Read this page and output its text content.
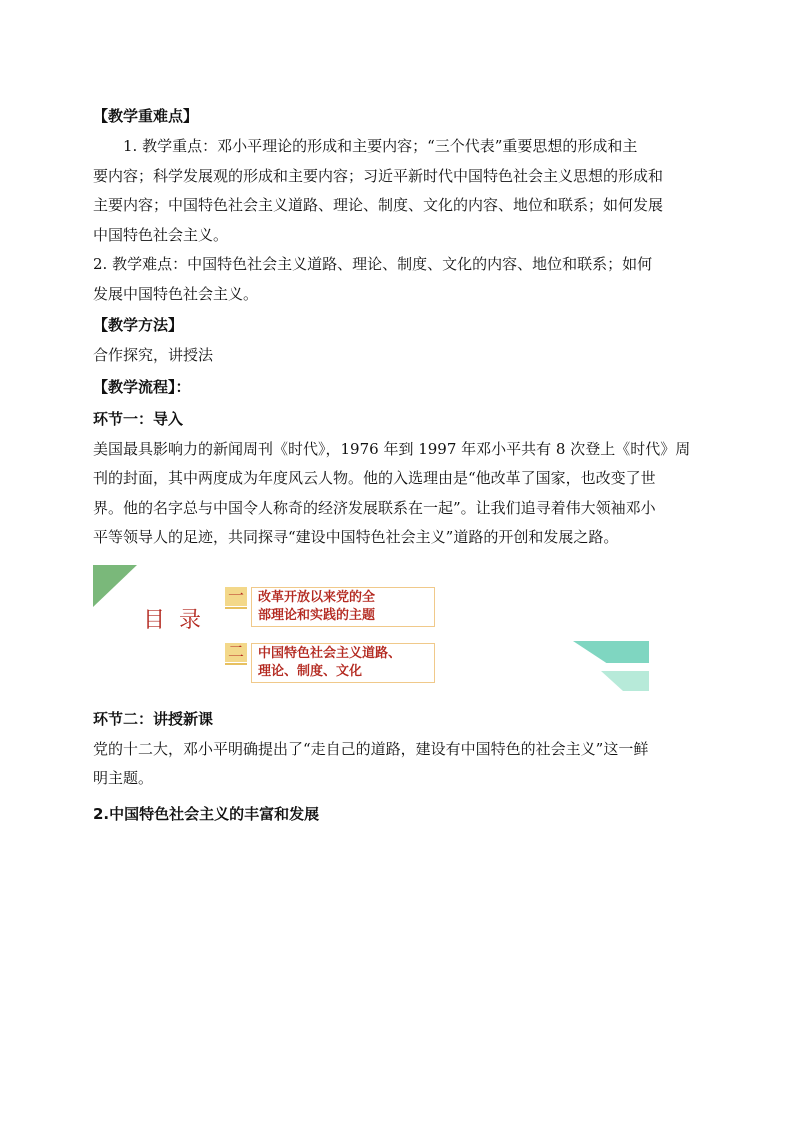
【教学重难点】
1. 教学重点：邓小平理论的形成和主要内容；“三个代表”重要思想的形成和主
要内容；科学发展观的形成和主要内容；习近平新时代中国特色社会主义思想的形成和
主要内容；中国特色社会主义道路、理论、制度、文化的内容、地位和联系；如何发展
中国特色社会主义。
2. 教学难点：中国特色社会主义道路、理论、制度、文化的内容、地位和联系；如何
发展中国特色社会主义。
【教学方法】
合作探究，讲授法
【教学流程】：
环节一：导入
美国最具影响力的新闻周刊《时代》，1976 年到 1997 年邓小平共有 8 次登上《时代》周
刊的封面，其中两度成为年度风云人物。他的入选理由是“他改革了国家，也改变了世
界。他的名字总与中国令人称奇的经济发展联系在一起”。让我们追寻着伟大领袖邓小
平等领导人的足迹，共同探寻“建设中国特色社会主义”道路的开创和发展之路。
目录
一	改革开放以来党的全
部理论和实践的主题
二	中国特色社会主义道路、
理论、制度、文化
环节二：讲授新课
党的十二大，邓小平明确提出了“走自己的道路，建设有中国特色的社会主义”这一鲜
明主题。
2.中国特色社会主义的丰富和发展
